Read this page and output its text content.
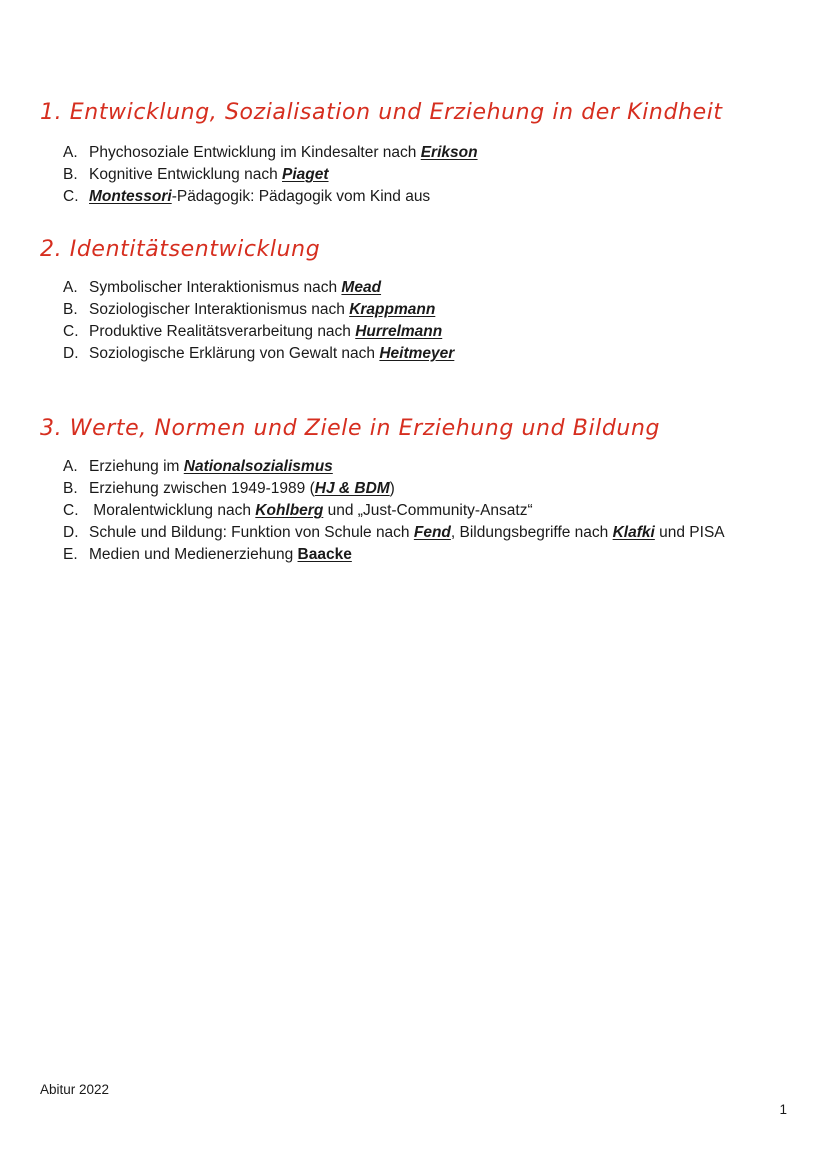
1. Entwicklung, Sozialisation und Erziehung in der Kindheit
A. Phychosoziale Entwicklung im Kindesalter nach Erikson
B. Kognitive Entwicklung nach Piaget
C. Montessori-Pädagogik: Pädagogik vom Kind aus
2. Identitätsentwicklung
A. Symbolischer Interaktionismus nach Mead
B. Soziologischer Interaktionismus nach Krappmann
C. Produktive Realitätsverarbeitung nach Hurrelmann
D. Soziologische Erklärung von Gewalt nach Heitmeyer
3. Werte, Normen und Ziele in Erziehung und Bildung
A. Erziehung im Nationalsozialismus
B. Erziehung zwischen 1949-1989 (HJ & BDM)
C. Moralentwicklung nach Kohlberg und „Just-Community-Ansatz“
D. Schule und Bildung: Funktion von Schule nach Fend, Bildungsbegriffe nach Klafki und PISA
E. Medien und Medienerziehung Baacke
Abitur 2022
1
